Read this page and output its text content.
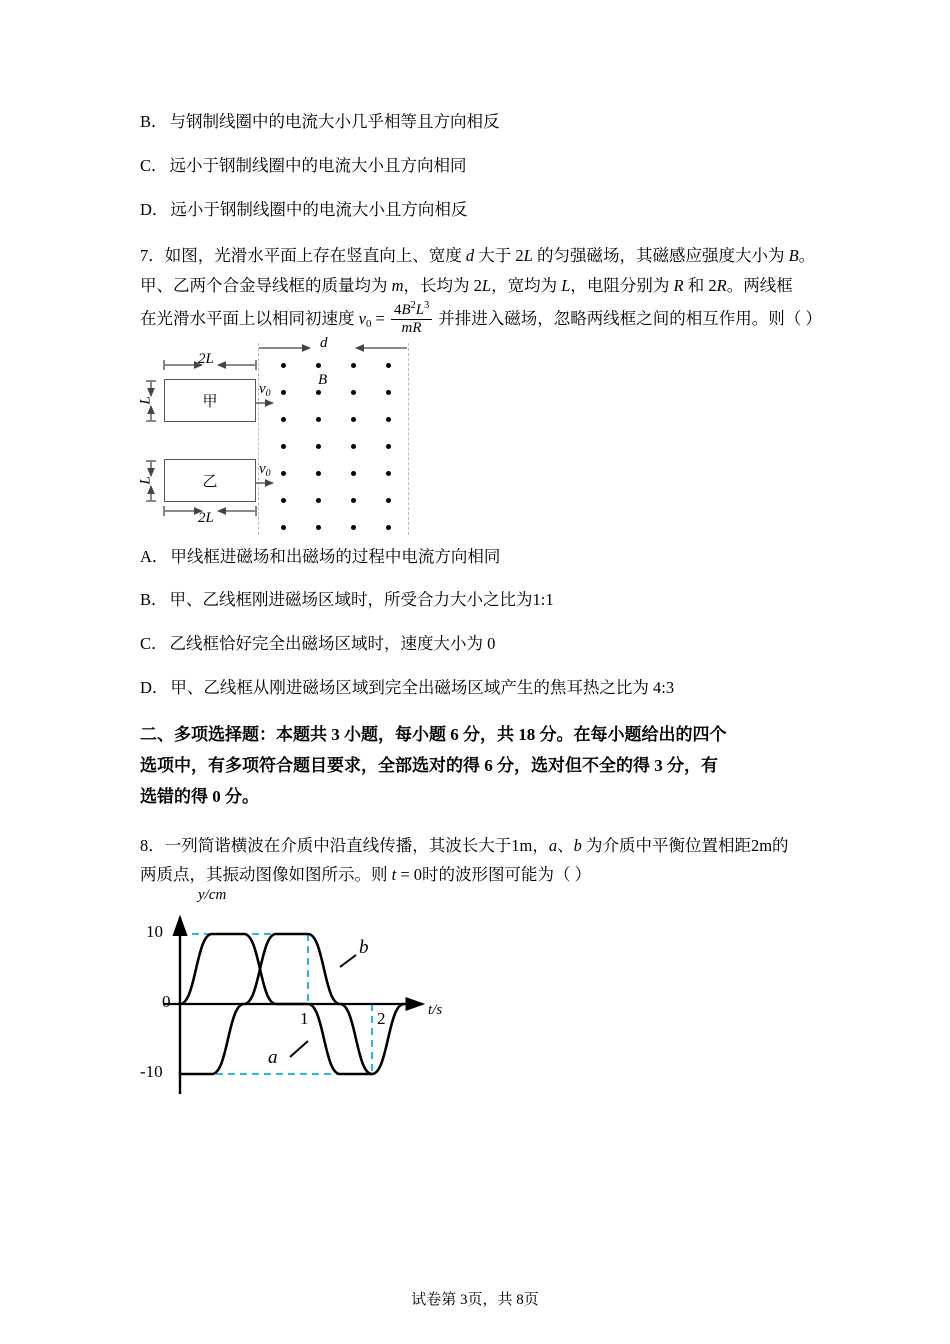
B． 与钢制线圈中的电流大小几乎相等且方向相反

C． 远小于钢制线圈中的电流大小且方向相同

D． 远小于钢制线圈中的电流大小且方向相反

7．如图，光滑水平面上存在竖直向上、宽度 d 大于 2L 的匀强磁场，其磁感应强度大小为 B。
甲、乙两个合金导线框的质量均为 m，长均为 2L，宽均为 L，电阻分别为 R 和 2R。两线框
在光滑水平面上以相同初速度 $v_0 = \frac{4B^2L^3}{mR}$ 并排进入磁场，忽略两线框之间的相互作用。则（ ）
d
B
2L
甲
L
$v_0$
乙
L
$v_0$
2L

A． 甲线框进磁场和出磁场的过程中电流方向相同

B． 甲、乙线框刚进磁场区域时，所受合力大小之比为1:1

C． 乙线框恰好完全出磁场区域时，速度大小为 0

D． 甲、乙线框从刚进磁场区域到完全出磁场区域产生的焦耳热之比为 4:3

二、多项选择题：本题共 3 小题，每小题 6 分，共 18 分。在每小题给出的四个
选项中，有多项符合题目要求，全部选对的得 6 分，选对但不全的得 3 分，有
选错的得 0 分。
8．一列简谐横波在介质中沿直线传播，其波长大于1m，a、b 为介质中平衡位置相距2m的
两质点，其振动图像如图所示。则 t = 0时的波形图可能为（ ）
y/cm
t/s
10
0
-10
1	2
b
a
试卷第 3页，共 8页
